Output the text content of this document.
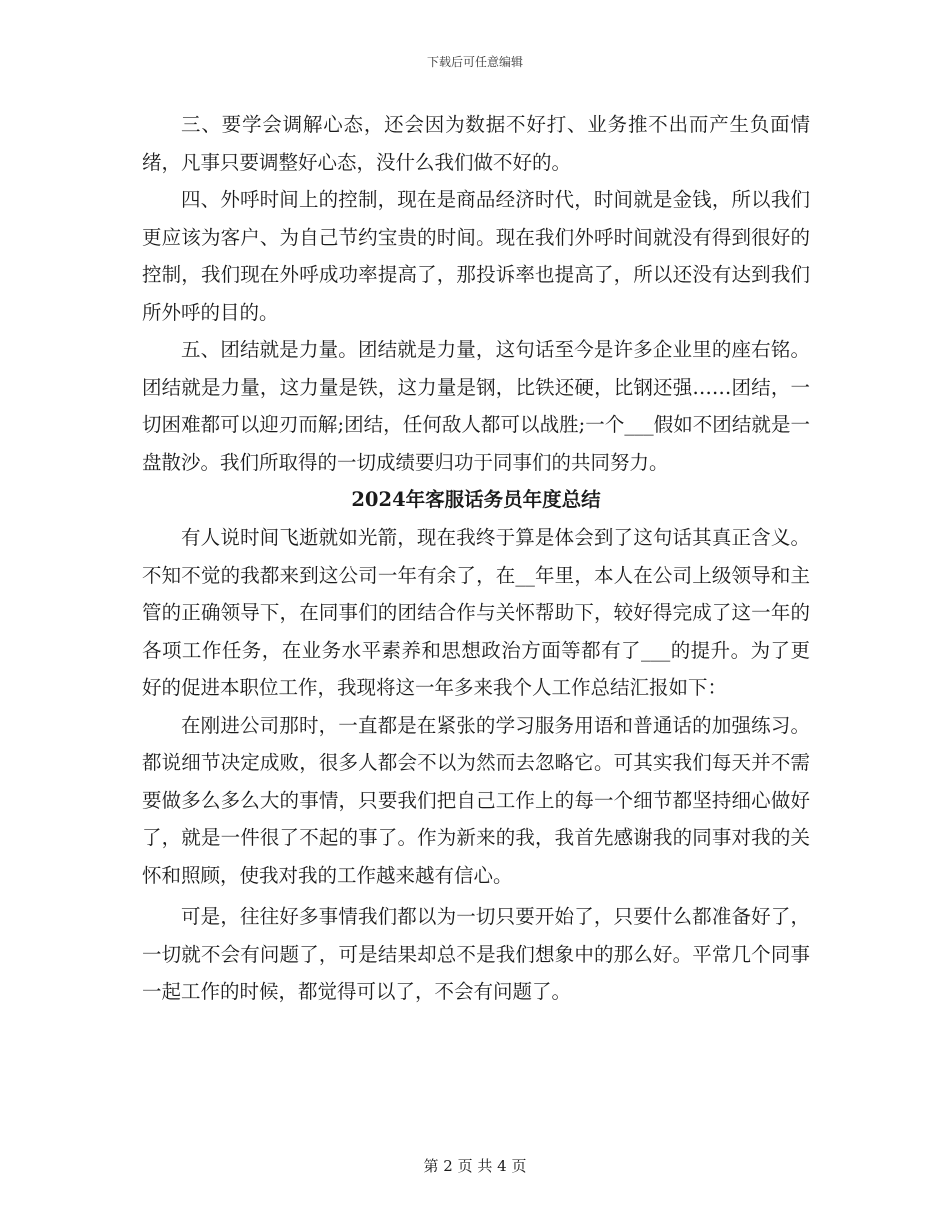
下载后可任意编辑

三、要学会调解心态，还会因为数据不好打、业务推不出而产生负面情绪，凡事只要调整好心态，没什么我们做不好的。

四、外呼时间上的控制，现在是商品经济时代，时间就是金钱，所以我们更应该为客户、为自己节约宝贵的时间。现在我们外呼时间就没有得到很好的控制，我们现在外呼成功率提高了，那投诉率也提高了，所以还没有达到我们所外呼的目的。

五、团结就是力量。团结就是力量，这句话至今是许多企业里的座右铭。团结就是力量，这力量是铁，这力量是钢，比铁还硬，比钢还强……团结，一切困难都可以迎刃而解;团结，任何敌人都可以战胜;一个___假如不团结就是一盘散沙。我们所取得的一切成绩要归功于同事们的共同努力。

2024年客服话务员年度总结

有人说时间飞逝就如光箭，现在我终于算是体会到了这句话其真正含义。不知不觉的我都来到这公司一年有余了，在__年里，本人在公司上级领导和主管的正确领导下，在同事们的团结合作与关怀帮助下，较好得完成了这一年的各项工作任务，在业务水平素养和思想政治方面等都有了___的提升。为了更好的促进本职位工作，我现将这一年多来我个人工作总结汇报如下：

在刚进公司那时，一直都是在紧张的学习服务用语和普通话的加强练习。都说细节决定成败，很多人都会不以为然而去忽略它。可其实我们每天并不需要做多么多么大的事情，只要我们把自己工作上的每一个细节都坚持细心做好了，就是一件很了不起的事了。作为新来的我，我首先感谢我的同事对我的关怀和照顾，使我对我的工作越来越有信心。

可是，往往好多事情我们都以为一切只要开始了，只要什么都准备好了，一切就不会有问题了，可是结果却总不是我们想象中的那么好。平常几个同事一起工作的时候，都觉得可以了，不会有问题了。

第 2 页 共 4 页
